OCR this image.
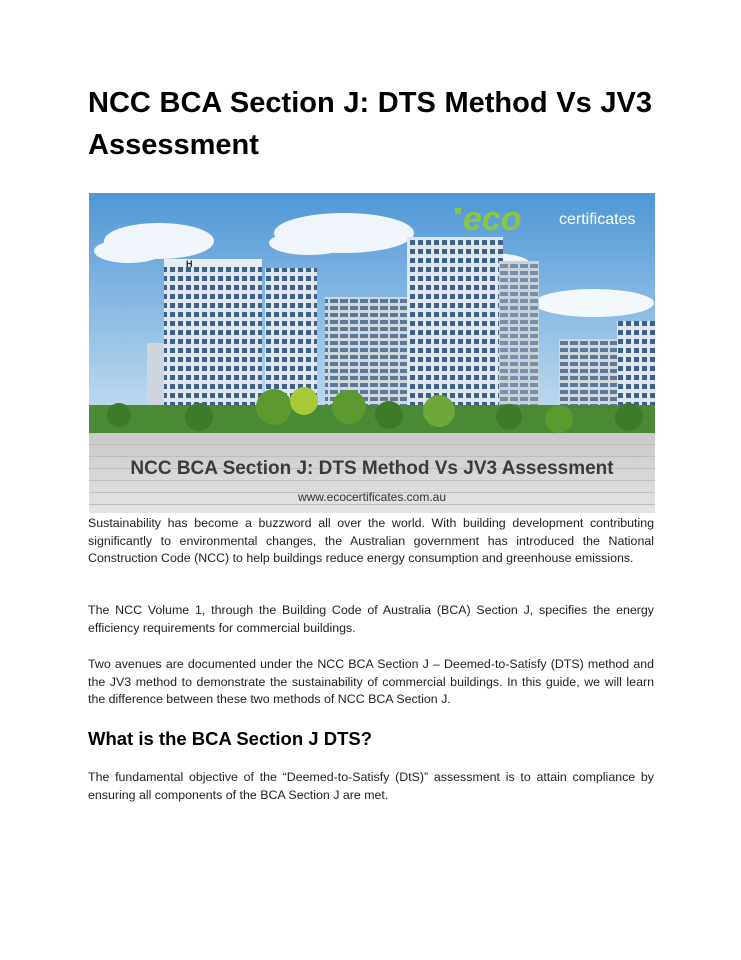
NCC BCA Section J: DTS Method Vs JV3 Assessment
H
eco certificates
NCC BCA Section J: DTS Method Vs JV3 Assessment
www.ecocertificates.com.au

Sustainability has become a buzzword all over the world. With building development contributing significantly to environmental changes, the Australian government has introduced the National Construction Code (NCC) to help buildings reduce energy consumption and greenhouse emissions.

The NCC Volume 1, through the Building Code of Australia (BCA) Section J, specifies the energy efficiency requirements for commercial buildings.

Two avenues are documented under the NCC BCA Section J – Deemed-to-Satisfy (DTS) method and the JV3 method to demonstrate the sustainability of commercial buildings. In this guide, we will learn the difference between these two methods of NCC BCA Section J.

What is the BCA Section J DTS?

The fundamental objective of the “Deemed-to-Satisfy (DtS)” assessment is to attain compliance by ensuring all components of the BCA Section J are met.
